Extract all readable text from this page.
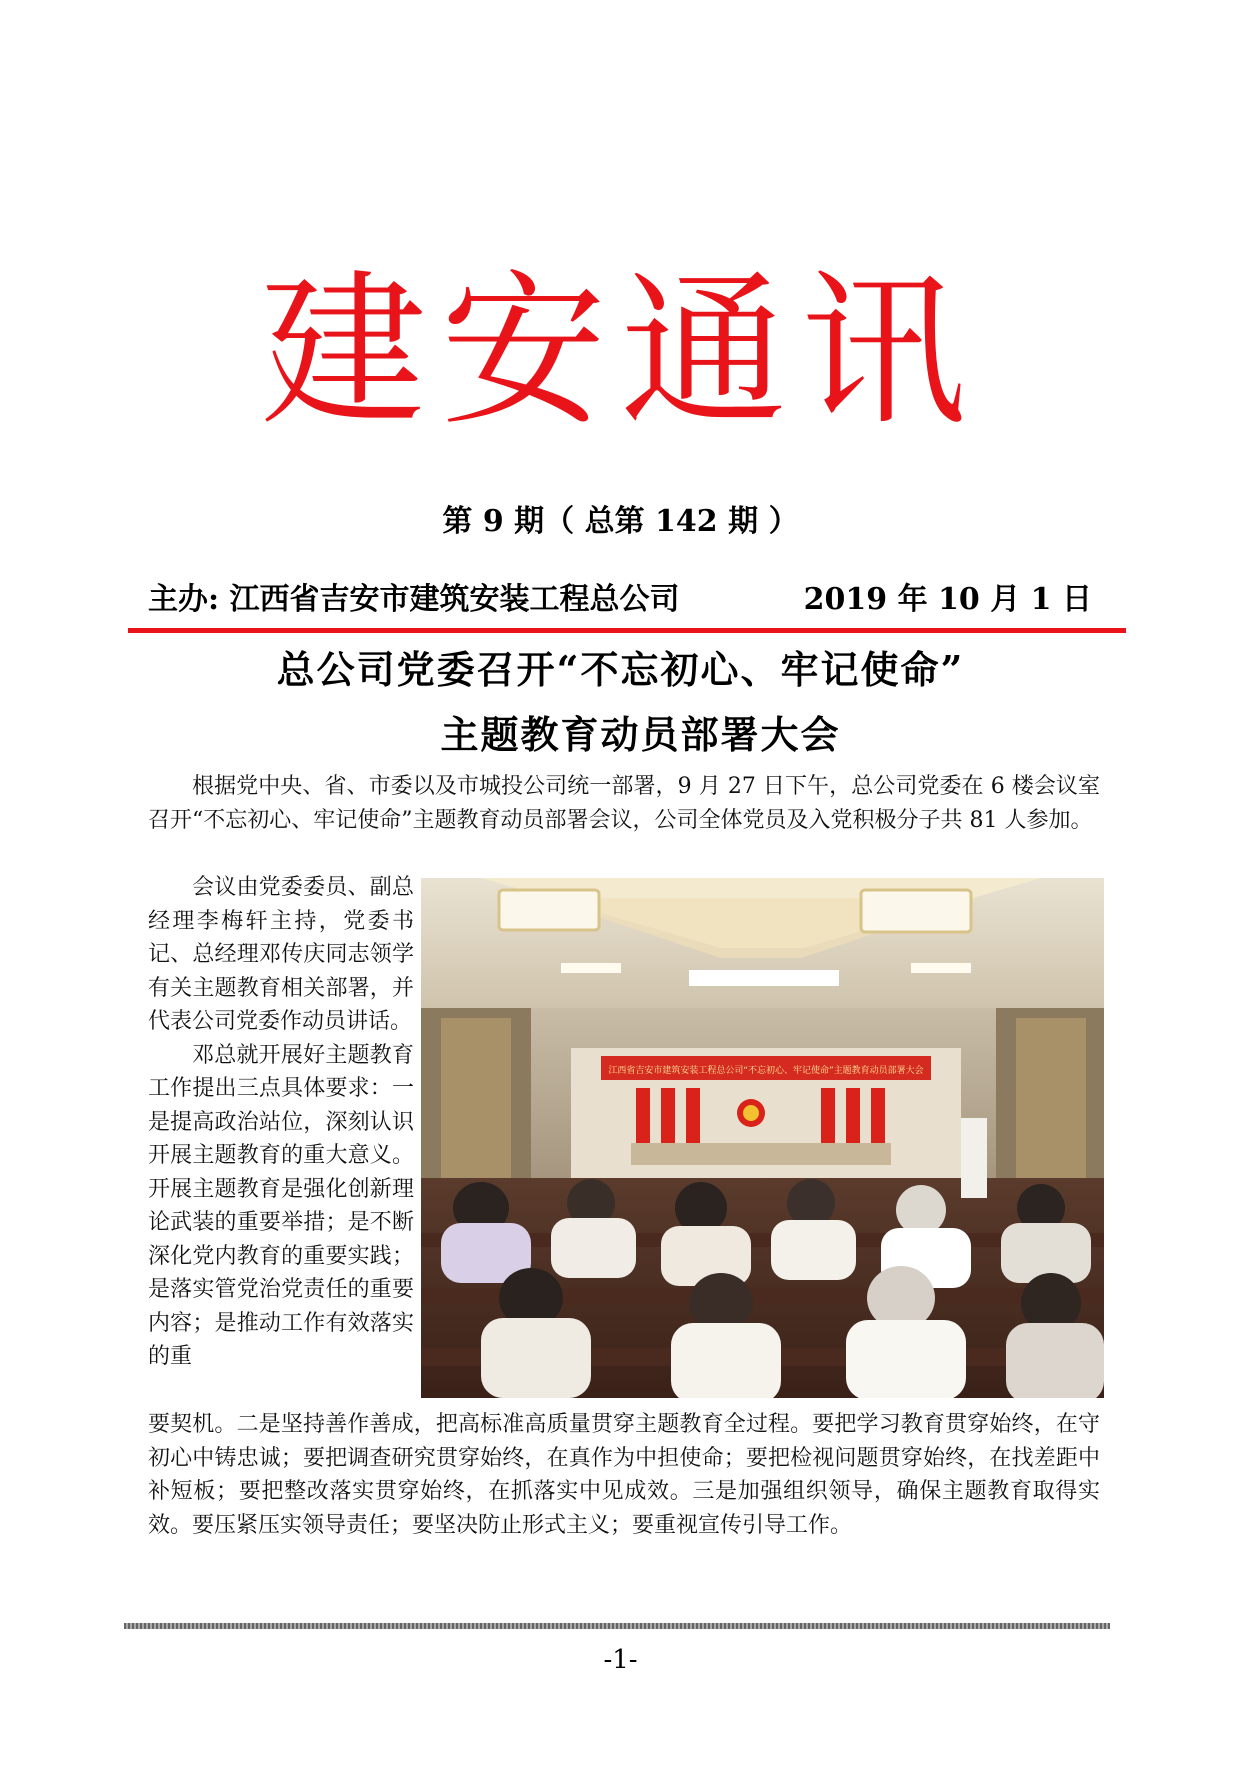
建安通讯
第 9 期（ 总第 142 期 ）
主办: 江西省吉安市建筑安装工程总公司	2019 年 10 月 1 日
总公司党委召开“不忘初心、牢记使命”
主题教育动员部署大会
根据党中央、省、市委以及市城投公司统一部署，9 月 27 日下午，总公司党委在 6 楼会议室召开“不忘初心、牢记使命”主题教育动员部署会议，公司全体党员及入党积极分子共 81 人参加。

会议由党委委员、副总经理李梅轩主持，党委书记、总经理邓传庆同志领学有关主题教育相关部署，并代表公司党委作动员讲话。

邓总就开展好主题教育工作提出三点具体要求：一是提高政治站位，深刻认识开展主题教育的重大意义。开展主题教育是强化创新理论武装的重要举措；是不断深化党内教育的重要实践；是落实管党治党责任的重要内容；是推动工作有效落实的重

江西省吉安市建筑安装工程总公司“不忘初心、牢记使命”主题教育动员部署大会
要契机。二是坚持善作善成，把高标准高质量贯穿主题教育全过程。要把学习教育贯穿始终，在守初心中铸忠诚；要把调查研究贯穿始终，在真作为中担使命；要把检视问题贯穿始终，在找差距中补短板；要把整改落实贯穿始终，在抓落实中见成效。三是加强组织领导，确保主题教育取得实效。要压紧压实领导责任；要坚决防止形式主义；要重视宣传引导工作。
-1-
